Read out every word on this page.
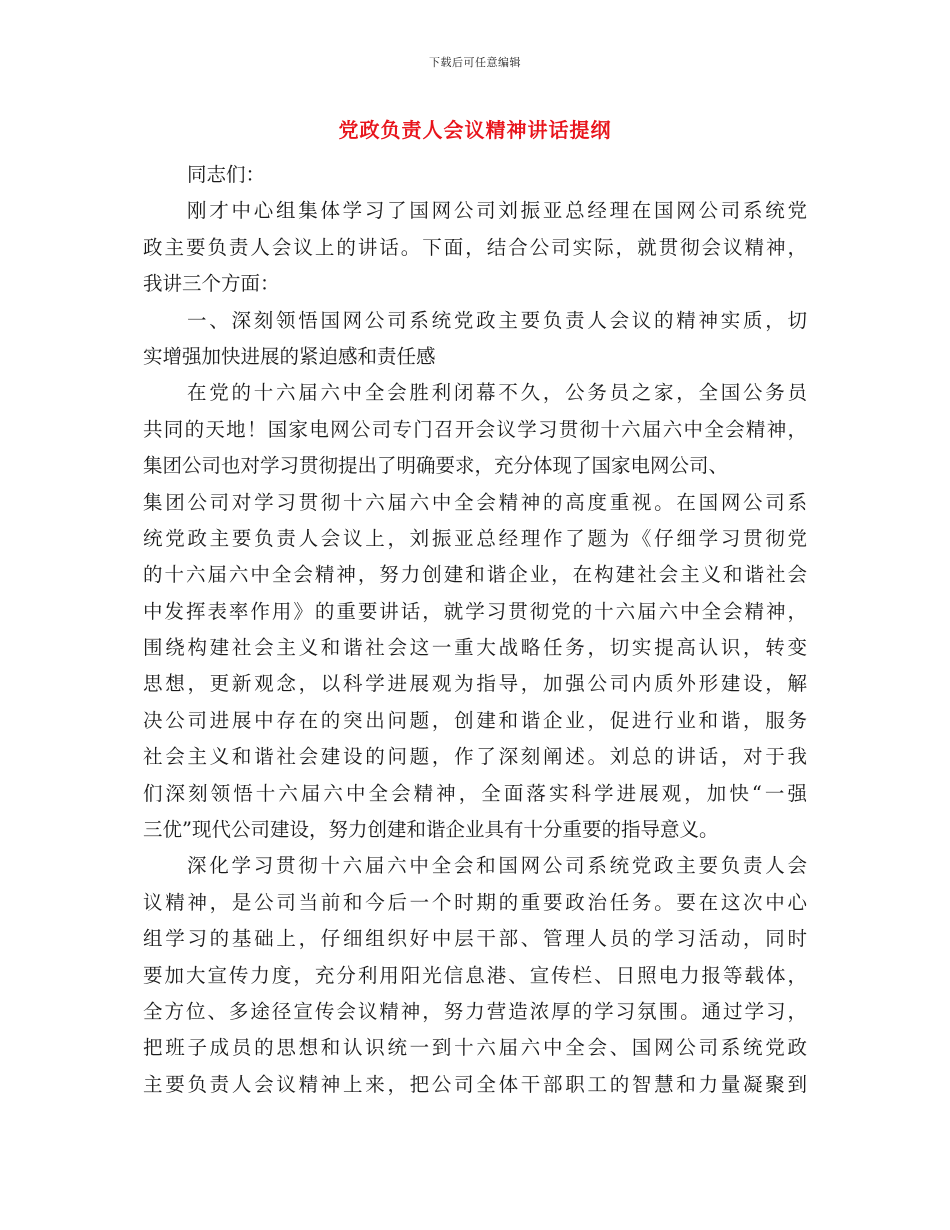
下载后可任意编辑
党政负责人会议精神讲话提纲
同志们：
刚才中心组集体学习了国网公司刘振亚总经理在国网公司系统党
政主要负责人会议上的讲话。下面，结合公司实际，就贯彻会议精神，
我讲三个方面：
一、深刻领悟国网公司系统党政主要负责人会议的精神实质，切
实增强加快进展的紧迫感和责任感
在党的十六届六中全会胜利闭幕不久，公务员之家，全国公务员
共同的天地！国家电网公司专门召开会议学习贯彻十六届六中全会精神，
集团公司也对学习贯彻提出了明确要求，充分体现了国家电网公司、
集团公司对学习贯彻十六届六中全会精神的高度重视。在国网公司系
统党政主要负责人会议上，刘振亚总经理作了题为《仔细学习贯彻党
的十六届六中全会精神，努力创建和谐企业，在构建社会主义和谐社会
中发挥表率作用》的重要讲话，就学习贯彻党的十六届六中全会精神，
围绕构建社会主义和谐社会这一重大战略任务，切实提高认识，转变
思想，更新观念，以科学进展观为指导，加强公司内质外形建设，解
决公司进展中存在的突出问题，创建和谐企业，促进行业和谐，服务
社会主义和谐社会建设的问题，作了深刻阐述。刘总的讲话，对于我
们深刻领悟十六届六中全会精神，全面落实科学进展观，加快“一强
三优”现代公司建设，努力创建和谐企业具有十分重要的指导意义。
深化学习贯彻十六届六中全会和国网公司系统党政主要负责人会
议精神，是公司当前和今后一个时期的重要政治任务。要在这次中心
组学习的基础上，仔细组织好中层干部、管理人员的学习活动，同时
要加大宣传力度，充分利用阳光信息港、宣传栏、日照电力报等载体，
全方位、多途径宣传会议精神，努力营造浓厚的学习氛围。通过学习，
把班子成员的思想和认识统一到十六届六中全会、国网公司系统党政
主要负责人会议精神上来，把公司全体干部职工的智慧和力量凝聚到
